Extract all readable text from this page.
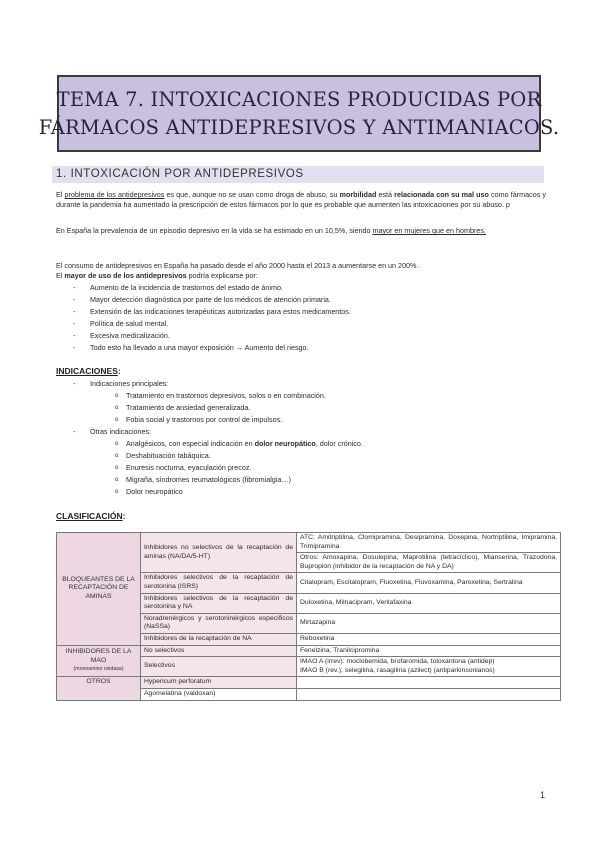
TEMA 7. INTOXICACIONES PRODUCIDAS POR
FÁRMACOS ANTIDEPRESIVOS Y ANTIMANIACOS.
1. INTOXICACIÓN POR ANTIDEPRESIVOS
El problema de los antidepresivos es que, aunque no se usan como droga de abuso, su morbilidad está relacionada con su mal uso como fármacos y durante la pandemia ha aumentado la prescripción de estos fármacos por lo que es probable que aumenten las intoxicaciones por su abuso. p
En España la prevalencia de un episodio depresivo en la vida se ha estimado en un 10,5%, siendo mayor en mujeres que en hombres.
El consumo de antidepresivos en España ha pasado desde el año 2000 hasta el 2013 a aumentarse en un 200%.
El mayor de uso de los antidepresivos podría explicarse por:
- Aumento de la incidencia de trastornos del estado de ánimo.
- Mayor detección diagnóstica por parte de los médicos de atención primaria.
- Extensión de las indicaciones terapéuticas autorizadas para estos medicamentos.
- Política de salud mental.
- Excesiva medicalización.
- Todo esto ha llevado a una mayor exposición → Aumento del riesgo.
INDICACIONES:
- Indicaciones principales:
o Tratamiento en trastornos depresivos, solos o en combinación.
o Tratamiento de ansiedad generalizada.
o Fobia social y trastornos por control de impulsos.
- Otras indicaciones:
o Analgésicos, con especial indicación en dolor neuropático, dolor crónico.
o Deshabituación tabáquica.
o Enuresis nocturna, eyaculación precoz.
o Migraña, síndromes reumatológicos (fibromialgia…)
o Dolor neuropático
CLASIFICACIÓN:
BLOQUEANTES DE LA RECAPTACIÓN DE AMINAS	Inhibidores no selectivos de la recaptación de aminas (NA/DA/5-HT)	ATC: Amitriptilina, Clomipramina, Desipramina, Doxepina, Nortriptilina, Imipramina, Trimipramina
		Otros: Amoxapina, Dosulepina, Maprotilina (tetracíclico), Mianserina, Trazodona, Bupropión (inhibidor de la recaptación de NA y DA)
	Inhibidores selectivos de la recaptación de serotonina (ISRS)	Citalopram, Escitalopram, Fluoxetina, Fluvoxamina, Paroxetina, Sertralina
	Inhibidores selectivos de la recaptación de serotonina y NA	Duloxetina, Milnacipram, Venlafaxina
	Noradrenérgicos y serotoninérgicos específicos (NaSSa)	Mirtazapina
	Inhibidores de la recaptación de NA	Reboxetina

INHIBIDORES DE LA MAO
(monoamino oxidasa)	No selectivos	Fenelzina, Tranilcipromina
	Selectivos	IMAO A (irrev): moclobemida, brofaromida, toloxantona (antidep)
IMAO B (rev.); selegilina, rasagilina (azilect) (antiparkinsonianos)

OTROS	Hypericum perforatum	
	Agomelatina (valdoxan)	
1
